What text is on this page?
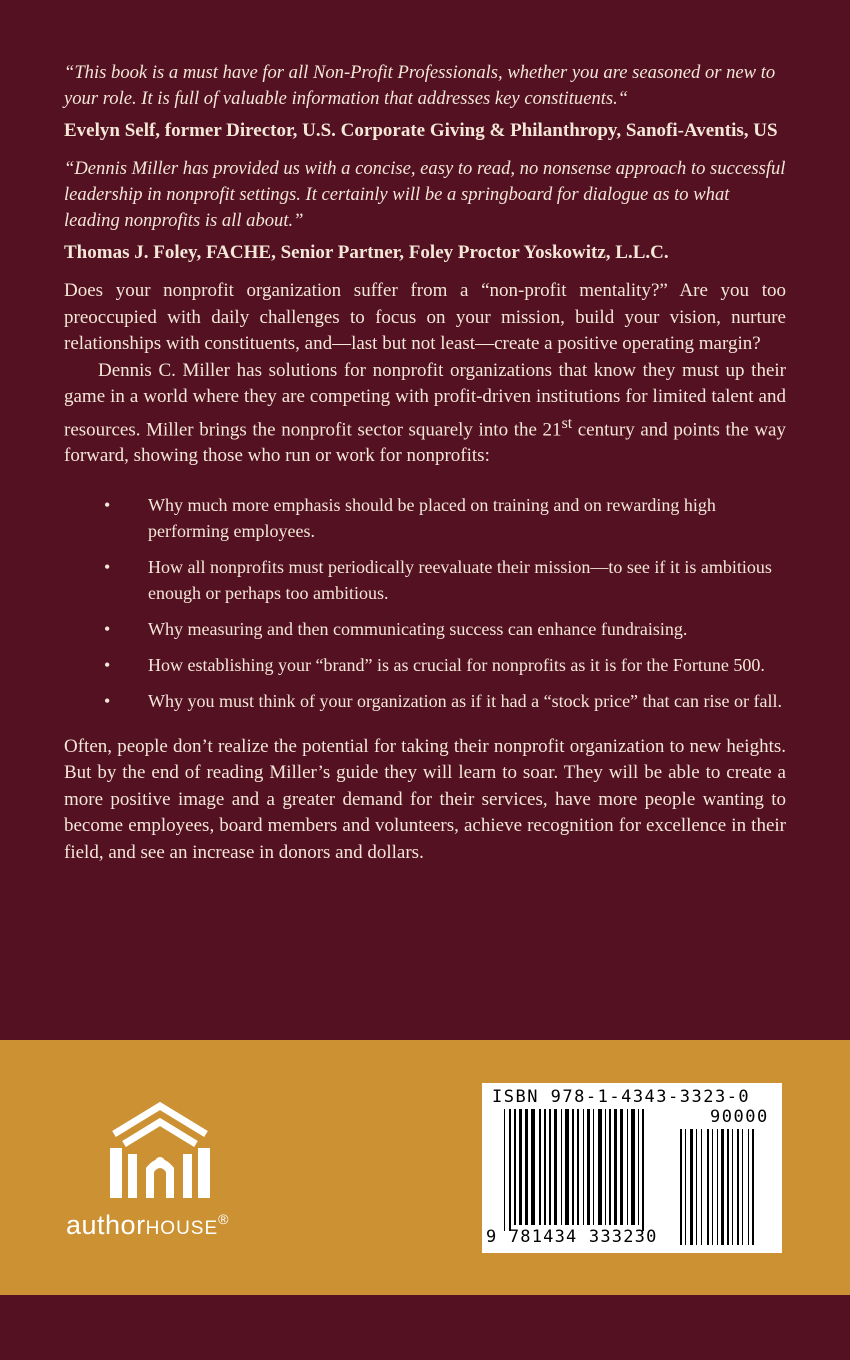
“This book is a must have for all Non-Profit Professionals, whether you are seasoned or new to your role. It is full of valuable information that addresses key constituents.“

Evelyn Self, former Director, U.S. Corporate Giving & Philanthropy, Sanofi-Aventis, US

“Dennis Miller has provided us with a concise, easy to read, no nonsense approach to successful leadership in nonprofit settings. It certainly will be a springboard for dialogue as to what leading nonprofits is all about.”

Thomas J. Foley, FACHE, Senior Partner, Foley Proctor Yoskowitz, L.L.C.

Does your nonprofit organization suffer from a “non-profit mentality?” Are you too preoccupied with daily challenges to focus on your mission, build your vision, nurture relationships with constituents, and—last but not least—create a positive operating margin?

Dennis C. Miller has solutions for nonprofit organizations that know they must up their game in a world where they are competing with profit-driven institutions for limited talent and resources. Miller brings the nonprofit sector squarely into the 21st century and points the way forward, showing those who run or work for nonprofits:

• Why much more emphasis should be placed on training and on rewarding high performing employees.
• How all nonprofits must periodically reevaluate their mission—to see if it is ambitious enough or perhaps too ambitious.
• Why measuring and then communicating success can enhance fundraising.
• How establishing your “brand” is as crucial for nonprofits as it is for the Fortune 500.
• Why you must think of your organization as if it had a “stock price” that can rise or fall.

Often, people don’t realize the potential for taking their nonprofit organization to new heights. But by the end of reading Miller’s guide they will learn to soar. They will be able to create a more positive image and a greater demand for their services, have more people wanting to become employees, board members and volunteers, achieve recognition for excellence in their field, and see an increase in donors and dollars.

authorHOUSE®
ISBN 978-1-4343-3323-0
90000
9 781434 333230
